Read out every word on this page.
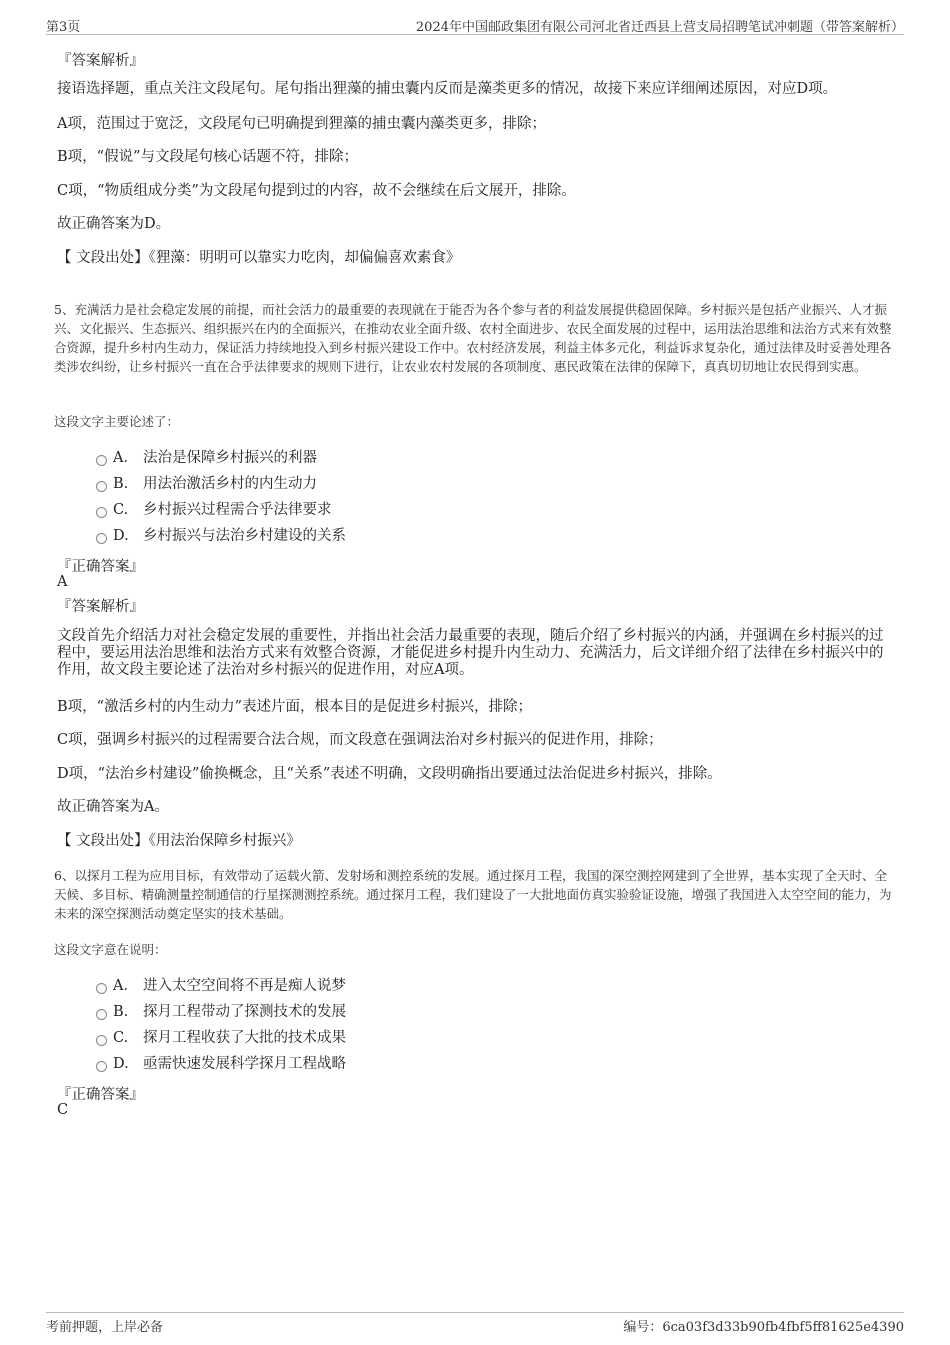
第3页	2024年中国邮政集团有限公司河北省迁西县上营支局招聘笔试冲刺题（带答案解析）
『答案解析』
接语选择题，重点关注文段尾句。尾句指出狸藻的捕虫囊内反而是藻类更多的情况，故接下来应详细阐述原因，对应D项。
A项，范围过于宽泛，文段尾句已明确提到狸藻的捕虫囊内藻类更多，排除；
B项，“假说”与文段尾句核心话题不符，排除；
C项，“物质组成分类”为文段尾句提到过的内容，故不会继续在后文展开，排除。
故正确答案为D。
【 文段出处】《狸藻：明明可以靠实力吃肉，却偏偏喜欢素食》
5、充满活力是社会稳定发展的前提，而社会活力的最重要的表现就在于能否为各个参与者的利益发展提供稳固保障。乡村振兴是包括产业振兴、人才振兴、文化振兴、生态振兴、组织振兴在内的全面振兴，在推动农业全面升级、农村全面进步、农民全面发展的过程中，运用法治思维和法治方式来有效整合资源，提升乡村内生动力，保证活力持续地投入到乡村振兴建设工作中。农村经济发展，利益主体多元化，利益诉求复杂化，通过法律及时妥善处理各类涉农纠纷，让乡村振兴一直在合乎法律要求的规则下进行，让农业农村发展的各项制度、惠民政策在法律的保障下，真真切切地让农民得到实惠。
这段文字主要论述了：
A． 法治是保障乡村振兴的利器
B. 用法治激活乡村的内生动力
C. 乡村振兴过程需合乎法律要求
D. 乡村振兴与法治乡村建设的关系
『正确答案』
A
『答案解析』
文段首先介绍活力对社会稳定发展的重要性，并指出社会活力最重要的表现，随后介绍了乡村振兴的内涵，并强调在乡村振兴的过程中，要运用法治思维和法治方式来有效整合资源，才能促进乡村提升内生动力、充满活力，后文详细介绍了法律在乡村振兴中的作用，故文段主要论述了法治对乡村振兴的促进作用，对应A项。
B项，“激活乡村的内生动力”表述片面，根本目的是促进乡村振兴，排除；
C项，强调乡村振兴的过程需要合法合规，而文段意在强调法治对乡村振兴的促进作用，排除；
D项，“法治乡村建设”偷换概念，且“关系”表述不明确，文段明确指出要通过法治促进乡村振兴，排除。
故正确答案为A。
【 文段出处】《用法治保障乡村振兴》
6、以探月工程为应用目标，有效带动了运载火箭、发射场和测控系统的发展。通过探月工程，我国的深空测控网建到了全世界，基本实现了全天时、全天候、多目标、精确测量控制通信的行星探测测控系统。通过探月工程，我们建设了一大批地面仿真实验验证设施，增强了我国进入太空空间的能力，为未来的深空探测活动奠定坚实的技术基础。
这段文字意在说明：
A． 进入太空空间将不再是痴人说梦
B. 探月工程带动了探测技术的发展
C. 探月工程收获了大批的技术成果
D. 亟需快速发展科学探月工程战略
『正确答案』
C
考前押题，上岸必备	编号：6ca03f3d33b90fb4fbf5ff81625e4390
